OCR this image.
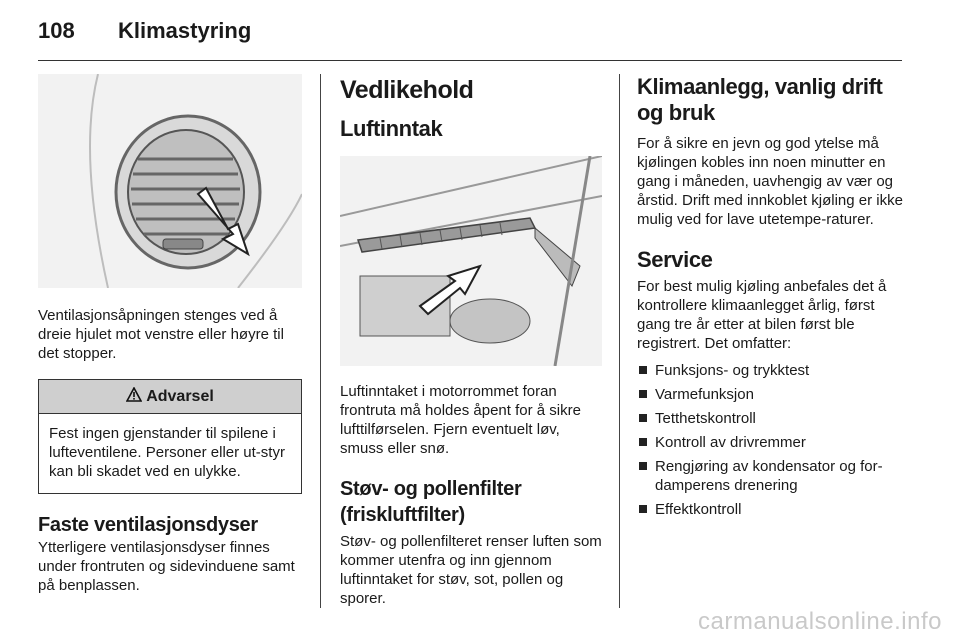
108	Klimastyring

Ventilasjonsåpningen stenges ved å dreie hjulet mot venstre eller høyre til det stopper.

Advarsel
Fest ingen gjenstander til spilene i lufteventilene. Personer eller ut-styr kan bli skadet ved en ulykke.
Faste ventilasjonsdyser

Ytterligere ventilasjonsdyser finnes under frontruten og sidevinduene samt på benplassen.

Vedlikehold
Luftinntak

Luftinntaket i motorrommet foran frontruta må holdes åpent for å sikre lufttilførselen. Fjern eventuelt løv, smuss eller snø.

Støv- og pollenfilter
(friskluftfilter)

Støv- og pollenfilteret renser luften som kommer utenfra og inn gjennom luftinntaket for støv, sot, pollen og sporer.

Klimaanlegg, vanlig drift og bruk

For å sikre en jevn og god ytelse må kjølingen kobles inn noen minutter en gang i måneden, uavhengig av vær og årstid. Drift med innkoblet kjøling er ikke mulig ved for lave utetempe-raturer.

Service

For best mulig kjøling anbefales det å kontrollere klimaanlegget årlig, først gang tre år etter at bilen først ble registrert. Det omfatter:

Funksjons- og trykktest
Varmefunksjon
Tetthetskontroll
Kontroll av drivremmer
Rengjøring av kondensator og for-damperens drenering
Effektkontroll
carmanualsonline.info
